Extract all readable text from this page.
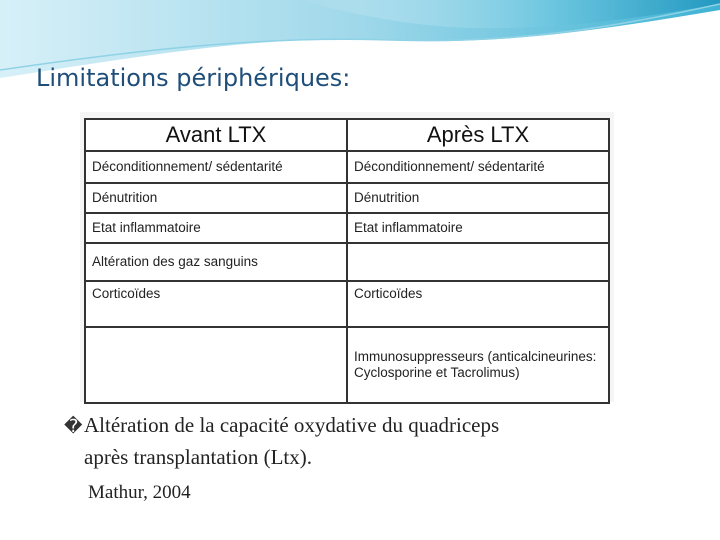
Limitations périphériques:
Avant LTX	Après LTX
Déconditionnement/ sédentarité	Déconditionnement/ sédentarité
Dénutrition	Dénutrition
Etat inflammatoire	Etat inflammatoire
Altération des gaz sanguins	
Corticoïdes	Corticoïdes
	Immunosuppresseurs (anticalcineurines: Cyclosporine et Tacrolimus)

�Altération de la capacité oxydative du quadriceps
après transplantation (Ltx).

Mathur, 2004
